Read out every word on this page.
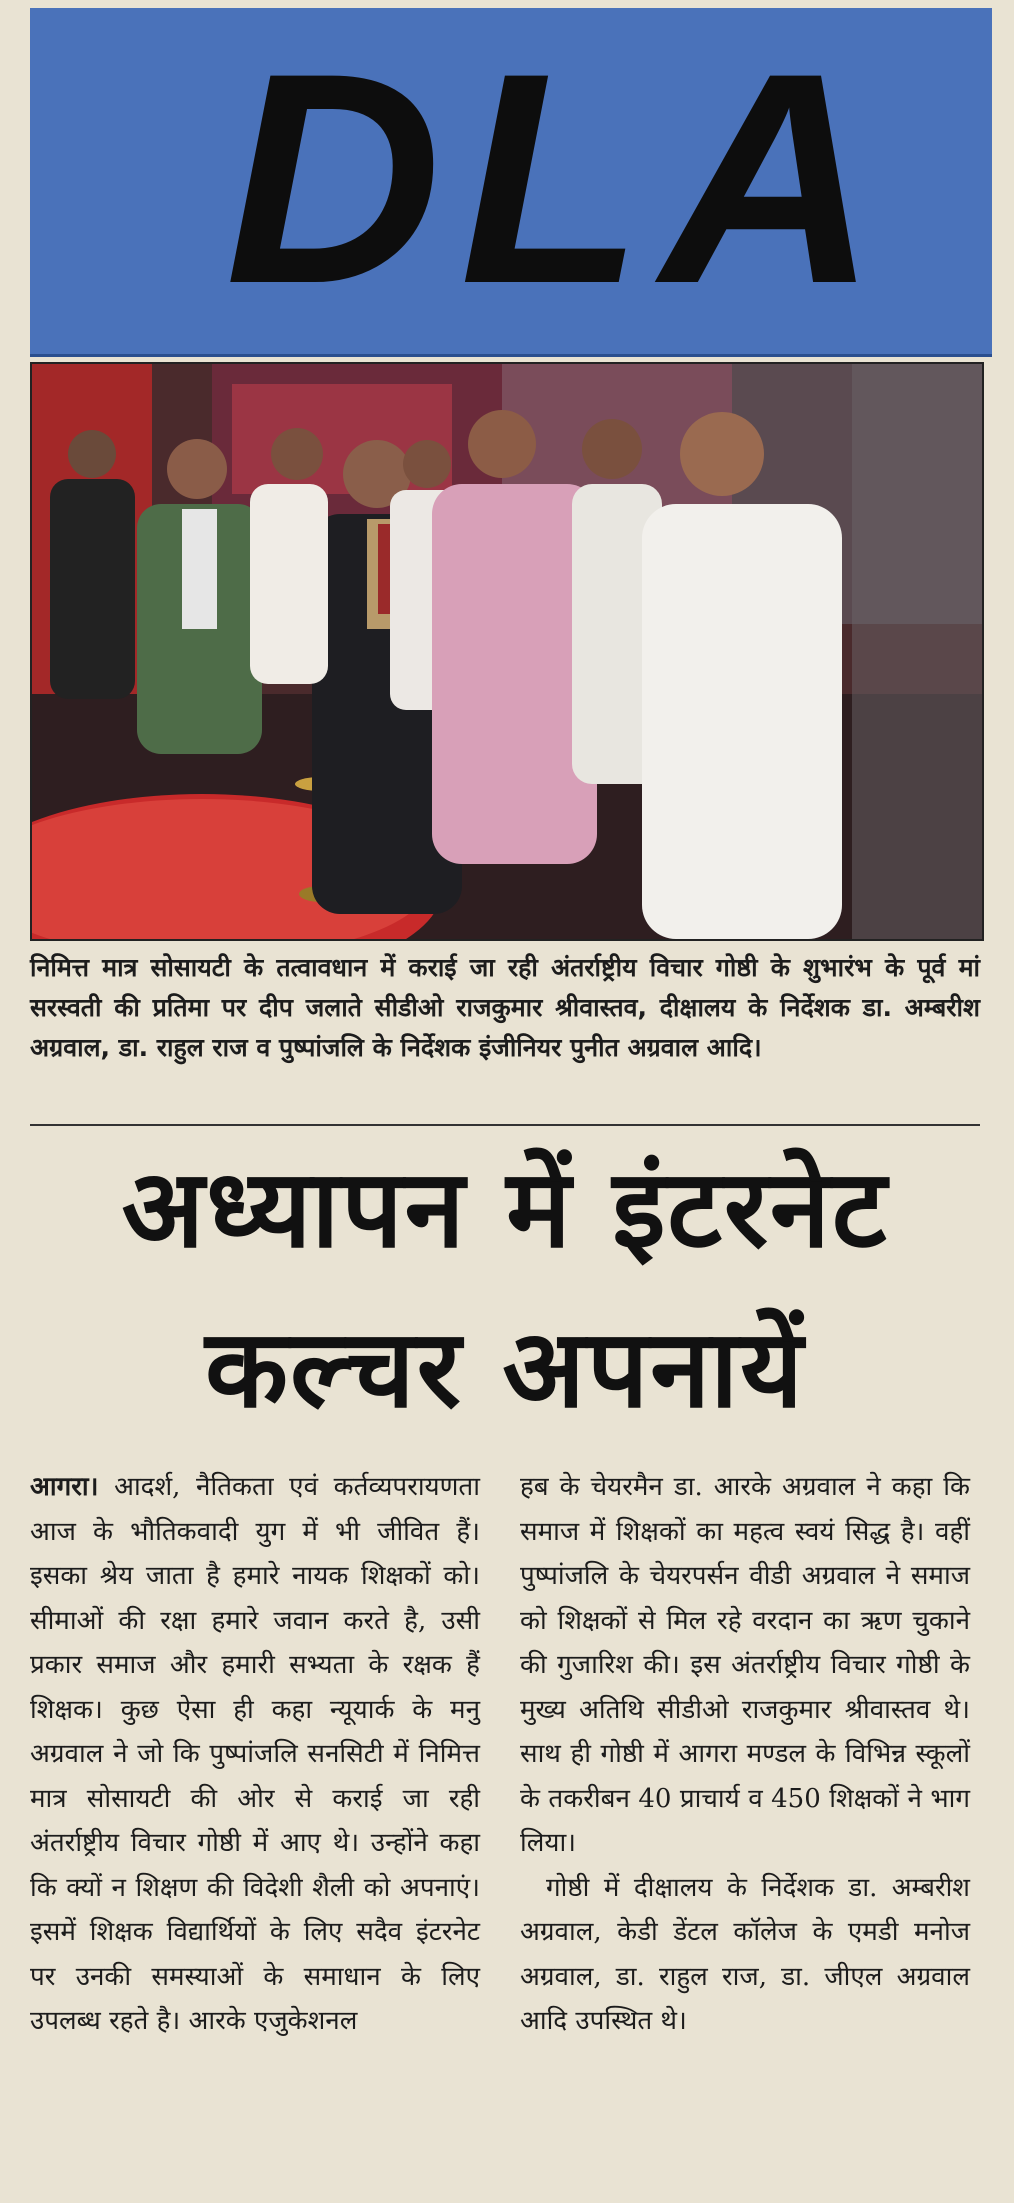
DLA
निमित्त मात्र सोसायटी के तत्वावधान में कराई जा रही अंतर्राष्ट्रीय विचार गोष्ठी के शुभारंभ के पूर्व मां सरस्वती की प्रतिमा पर दीप जलाते सीडीओ राजकुमार श्रीवास्तव, दीक्षालय के निर्देशक डा. अम्बरीश अग्रवाल, डा. राहुल राज व पुष्पांजलि के निर्देशक इंजीनियर पुनीत अग्रवाल आदि।
अध्यापन में इंटरनेट
कल्चर अपनायें

आगरा। आदर्श, नैतिकता एवं कर्तव्यपरायणता आज के भौतिकवादी युग में भी जीवित हैं। इसका श्रेय जाता है हमारे नायक शिक्षकों को। सीमाओं की रक्षा हमारे जवान करते है, उसी प्रकार समाज और हमारी सभ्यता के रक्षक हैं शिक्षक। कुछ ऐसा ही कहा न्यूयार्क के मनु अग्रवाल ने जो कि पुष्पांजलि सनसिटी में निमित्त मात्र सोसायटी की ओर से कराई जा रही अंतर्राष्ट्रीय विचार गोष्ठी में आए थे। उन्होंने कहा कि क्यों न शिक्षण की विदेशी शैली को अपनाएं। इसमें शिक्षक विद्यार्थियों के लिए सदैव इंटरनेट पर उनकी समस्याओं के समाधान के लिए उपलब्ध रहते है। आरके एजुकेशनल

हब के चेयरमैन डा. आरके अग्रवाल ने कहा कि समाज में शिक्षकों का महत्व स्वयं सिद्ध है। वहीं पुष्पांजलि के चेयरपर्सन वीडी अग्रवाल ने समाज को शिक्षकों से मिल रहे वरदान का ऋण चुकाने की गुजारिश की। इस अंतर्राष्ट्रीय विचार गोष्ठी के मुख्य अतिथि सीडीओ राजकुमार श्रीवास्तव थे। साथ ही गोष्ठी में आगरा मण्डल के विभिन्न स्कूलों के तकरीबन 40 प्राचार्य व 450 शिक्षकों ने भाग लिया।

गोष्ठी में दीक्षालय के निर्देशक डा. अम्बरीश अग्रवाल, केडी डेंटल कॉलेज के एमडी मनोज अग्रवाल, डा. राहुल राज, डा. जीएल अग्रवाल आदि उपस्थित थे।
